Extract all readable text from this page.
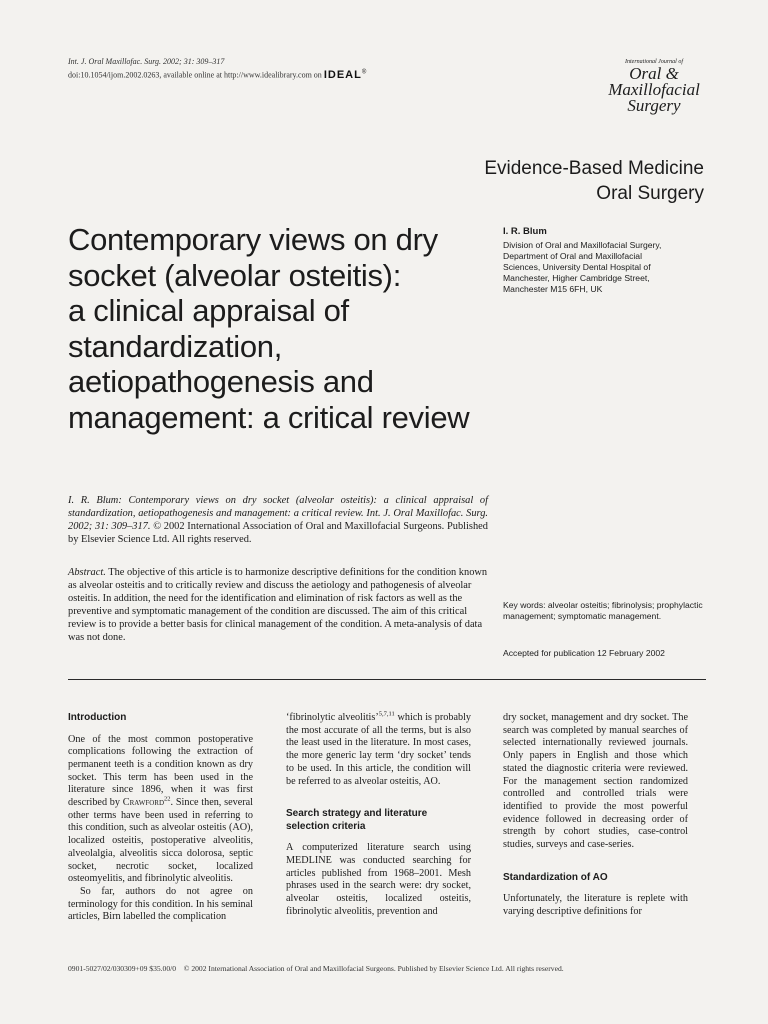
Int. J. Oral Maxillofac. Surg. 2002; 31: 309–317
doi:10.1054/ijom.2002.0263, available online at http://www.idealibrary.com on IDEAL®
International Journal of
Oral &
Maxillofacial
Surgery
Evidence-Based Medicine
Oral Surgery
Contemporary views on dry
socket (alveolar osteitis):
a clinical appraisal of
standardization,
aetiopathogenesis and
management: a critical review
I. R. Blum
Division of Oral and Maxillofacial Surgery,
Department of Oral and Maxillofacial
Sciences, University Dental Hospital of
Manchester, Higher Cambridge Street,
Manchester M15 6FH, UK
I. R. Blum: Contemporary views on dry socket (alveolar osteitis): a clinical appraisal of standardization, aetiopathogenesis and management: a critical review. Int. J. Oral Maxillofac. Surg. 2002; 31: 309–317. © 2002 International Association of Oral and Maxillofacial Surgeons. Published by Elsevier Science Ltd. All rights reserved.
Abstract. The objective of this article is to harmonize descriptive definitions for the condition known as alveolar osteitis and to critically review and discuss the aetiology and pathogenesis of alveolar osteitis. In addition, the need for the identification and elimination of risk factors as well as the preventive and symptomatic management of the condition are discussed. The aim of this critical review is to provide a better basis for clinical management of the condition. A meta-analysis of data was not done.
Key words: alveolar osteitis; fibrinolysis; prophylactic management; symptomatic management.
Accepted for publication 12 February 2002
Introduction

One of the most common postoperative complications following the extraction of permanent teeth is a condition known as dry socket. This term has been used in the literature since 1896, when it was first described by Crawford$^{22}$. Since then, several other terms have been used in referring to this condition, such as alveolar osteitis (AO), localized osteitis, postoperative alveolitis, alveolalgia, alveolitis sicca dolorosa, septic socket, necrotic socket, localized osteomyelitis, and fibrinolytic alveolitis.

So far, authors do not agree on terminology for this condition. In his seminal articles, Birn labelled the complication

‘fibrinolytic alveolitis’$^{5,7,11}$ which is probably the most accurate of all the terms, but is also the least used in the literature. In most cases, the more generic lay term ‘dry socket’ tends to be used. In this article, the condition will be referred to as alveolar osteitis, AO.

Search strategy and literature selection criteria

A computerized literature search using MEDLINE was conducted searching for articles published from 1968–2001. Mesh phrases used in the search were: dry socket, alveolar osteitis, localized osteitis, fibrinolytic alveolitis, prevention and

dry socket, management and dry socket. The search was completed by manual searches of selected internationally reviewed journals. Only papers in English and those which stated the diagnostic criteria were reviewed. For the management section randomized controlled and controlled trials were identified to provide the most powerful evidence followed in decreasing order of strength by cohort studies, case-control studies, surveys and case-series.

Standardization of AO

Unfortunately, the literature is replete with varying descriptive definitions for

0901-5027/02/030309+09 $35.00/0 © 2002 International Association of Oral and Maxillofacial Surgeons. Published by Elsevier Science Ltd. All rights reserved.
